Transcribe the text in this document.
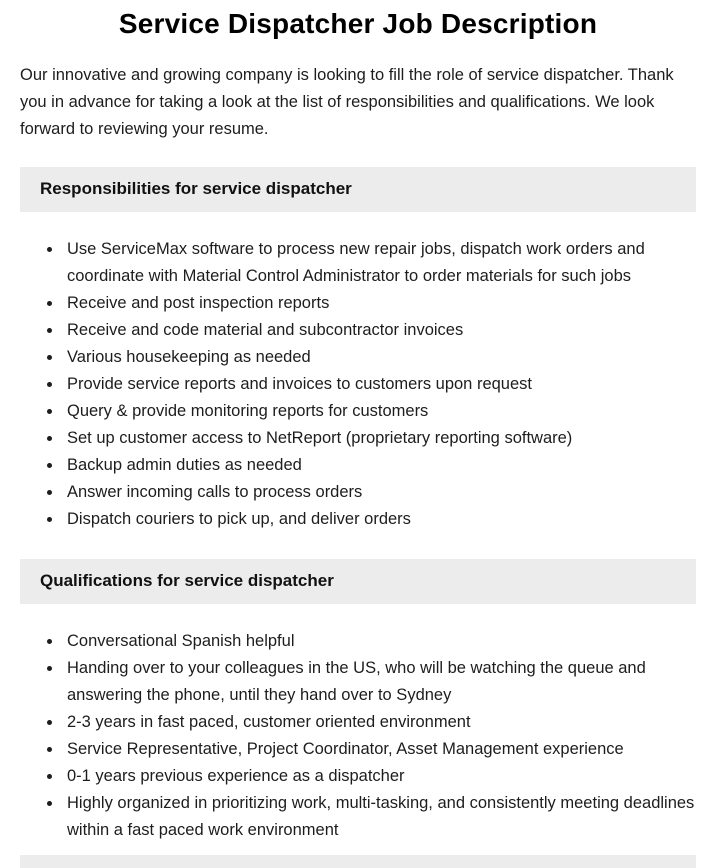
Service Dispatcher Job Description

Our innovative and growing company is looking to fill the role of service dispatcher. Thank you in advance for taking a look at the list of responsibilities and qualifications. We look forward to reviewing your resume.

Responsibilities for service dispatcher
• Use ServiceMax software to process new repair jobs, dispatch work orders and coordinate with Material Control Administrator to order materials for such jobs
• Receive and post inspection reports
• Receive and code material and subcontractor invoices
• Various housekeeping as needed
• Provide service reports and invoices to customers upon request
• Query & provide monitoring reports for customers
• Set up customer access to NetReport (proprietary reporting software)
• Backup admin duties as needed
• Answer incoming calls to process orders
• Dispatch couriers to pick up, and deliver orders
Qualifications for service dispatcher
• Conversational Spanish helpful
• Handing over to your colleagues in the US, who will be watching the queue and answering the phone, until they hand over to Sydney
• 2-3 years in fast paced, customer oriented environment
• Service Representative, Project Coordinator, Asset Management experience
• 0-1 years previous experience as a dispatcher
• Highly organized in prioritizing work, multi-tasking, and consistently meeting deadlines within a fast paced work environment
